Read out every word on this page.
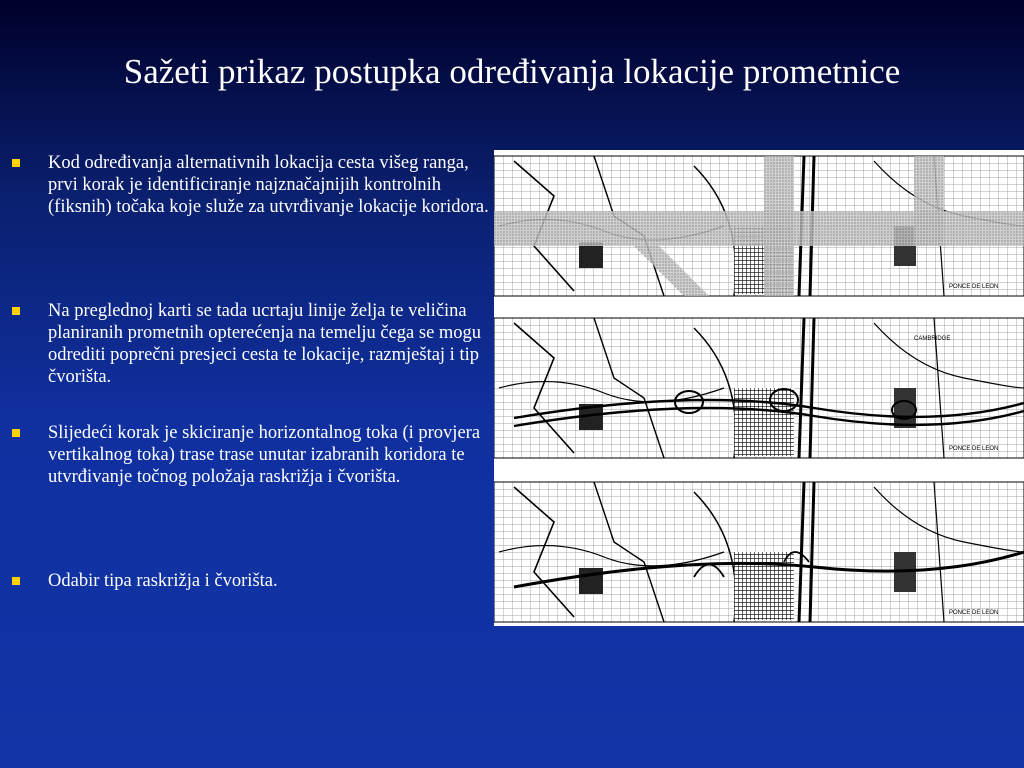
Sažeti prikaz postupka određivanja lokacije prometnice
Kod određivanja alternativnih lokacija cesta višeg ranga, prvi korak je identificiranje najznačajnijih kontrolnih (fiksnih) točaka koje služe za utvrđivanje lokacije koridora.
Na preglednoj karti se tada ucrtaju linije želja te veličina planiranih prometnih opterećenja na temelju čega se mogu odrediti poprečni presjeci cesta te lokacije, razmještaj i tip čvorišta.
Slijedeći korak je skiciranje horizontalnog toka (i provjera vertikalnog toka) trase trase unutar izabranih koridora te utvrđivanje točnog položaja raskrižja i čvorišta.
Odabir tipa raskrižja i čvorišta.
PONCE DE LEON
CAMBRIDGE
PONCE DE LEON
PONCE DE LEON
